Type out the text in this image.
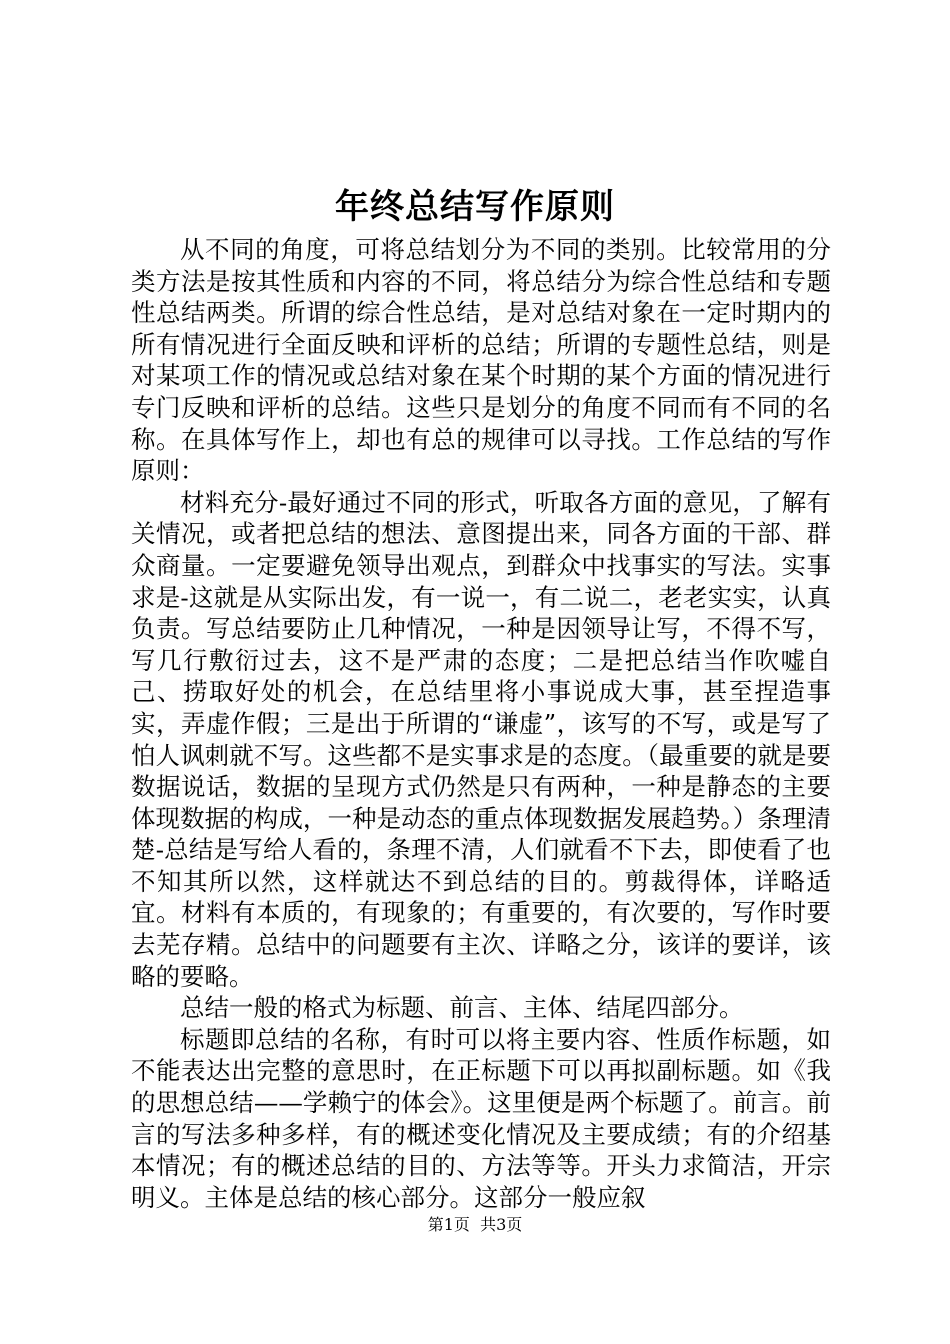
年终总结写作原则

从不同的角度，可将总结划分为不同的类别。比较常用的分类方法是按其性质和内容的不同，将总结分为综合性总结和专题性总结两类。所谓的综合性总结，是对总结对象在一定时期内的所有情况进行全面反映和评析的总结；所谓的专题性总结，则是对某项工作的情况或总结对象在某个时期的某个方面的情况进行专门反映和评析的总结。这些只是划分的角度不同而有不同的名称。在具体写作上，却也有总的规律可以寻找。工作总结的写作原则：

材料充分-最好通过不同的形式，听取各方面的意见，了解有关情况，或者把总结的想法、意图提出来，同各方面的干部、群众商量。一定要避免领导出观点，到群众中找事实的写法。实事求是-这就是从实际出发，有一说一，有二说二，老老实实，认真负责。写总结要防止几种情况，一种是因领导让写，不得不写，写几行敷衍过去，这不是严肃的态度；二是把总结当作吹嘘自己、捞取好处的机会，在总结里将小事说成大事，甚至捏造事实，弄虚作假；三是出于所谓的“谦虚”，该写的不写，或是写了怕人讽刺就不写。这些都不是实事求是的态度。（最重要的就是要数据说话，数据的呈现方式仍然是只有两种，一种是静态的主要体现数据的构成，一种是动态的重点体现数据发展趋势。）条理清楚-总结是写给人看的，条理不清，人们就看不下去，即使看了也不知其所以然，这样就达不到总结的目的。剪裁得体，详略适宜。材料有本质的，有现象的；有重要的，有次要的，写作时要去芜存精。总结中的问题要有主次、详略之分，该详的要详，该略的要略。

总结一般的格式为标题、前言、主体、结尾四部分。

标题即总结的名称，有时可以将主要内容、性质作标题，如不能表达出完整的意思时，在正标题下可以再拟副标题。如《我的思想总结——学赖宁的体会》。这里便是两个标题了。前言。前言的写法多种多样，有的概述变化情况及主要成绩；有的介绍基本情况；有的概述总结的目的、方法等等。开头力求简洁，开宗明义。主体是总结的核心部分。这部分一般应叙

第1页 共3页
